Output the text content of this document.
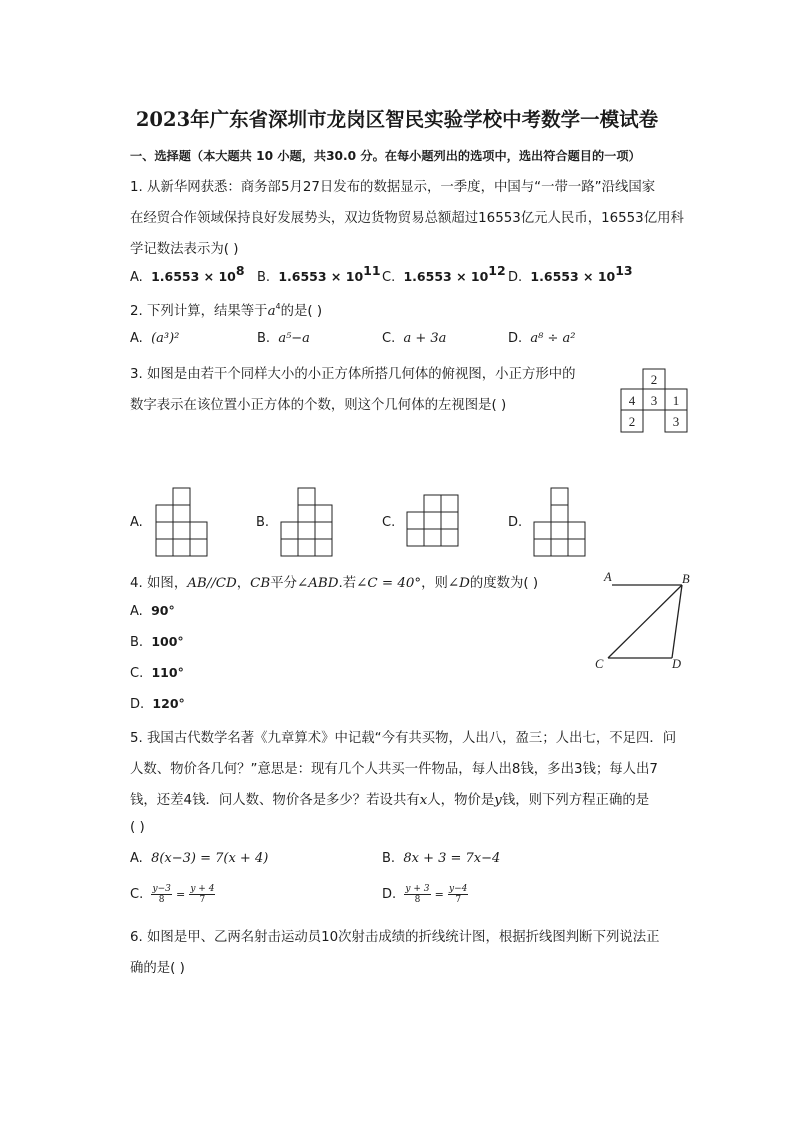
2023年广东省深圳市龙岗区智民实验学校中考数学一模试卷
一、选择题（本大题共 10 小题，共30.0 分。在每小题列出的选项中，选出符合题目的一项）
1. 从新华网获悉：商务部5月27日发布的数据显示，一季度，中国与“一带一路”沿线国家
在经贸合作领域保持良好发展势头，双边货物贸易总额超过16553亿元人民币，16553亿用科
学记数法表示为( )
A. $1.6553 \times 10^8$ B. $1.6553 \times 10^{11}$ C. $1.6553 \times 10^{12}$ D. $1.6553 \times 10^{13}$
2. 下列计算，结果等于$a^4$的是( )
A. (a³)²	B. a⁵−a	C. a + 3a	D. a⁸ ÷ a²
3. 如图是由若干个同样大小的小正方体所搭几何体的俯视图，小正方形中的
数字表示在该位置小正方体的个数，则这个几何体的左视图是( )
2
4 3 1
2	3
A.	B.	C.	D.
4. 如图，AB//CD，CB平分∠ABD.若∠C = 40°，则∠D的度数为( )
A. 90°
B. 100°
C. 110°
D. 120°
A	B
C	D
5. 我国古代数学名著《九章算术》中记载“今有共买物，人出八，盈三；人出七，不足四．问
人数、物价各几何？”意思是：现有几个人共买一件物品，每人出8钱，多出3钱；每人出7
钱，还差4钱．问人数、物价各是多少？若设共有x人，物价是y钱，则下列方程正确的是
( )
A. 8(x−3) = 7(x + 4)	B. 8x + 3 = 7x−4
C. $\frac{y-3}{8} = \frac{y + 4}{7}$	D. $\frac{y + 3}{8} = \frac{y-4}{7}$
6. 如图是甲、乙两名射击运动员10次射击成绩的折线统计图，根据折线图判断下列说法正
确的是( )
